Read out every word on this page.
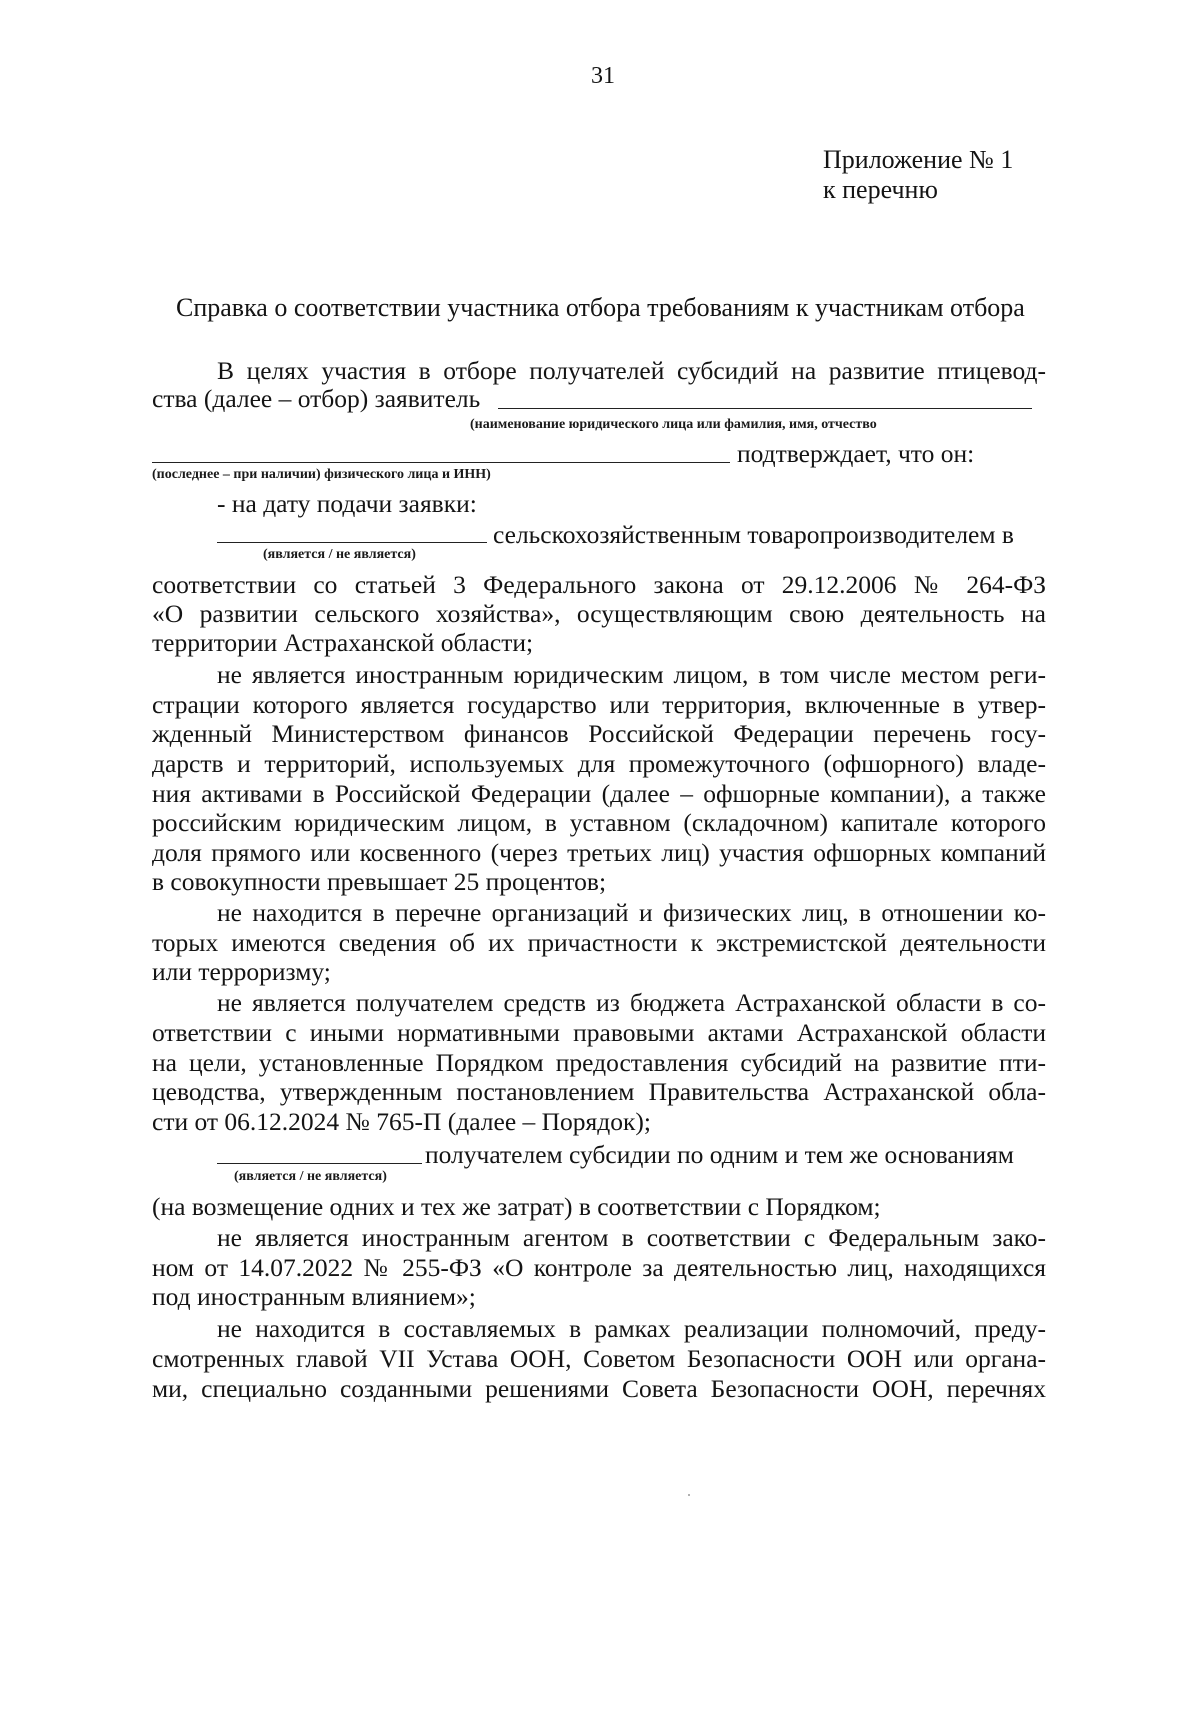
31
Приложение № 1
к перечню
Справка о соответствии участника отбора требованиям к участникам отбора
В целях участия в отборе получателей субсидий на развитие птицевод-
ства (далее – отбор) заявитель
(наименование юридического лица или фамилия, имя, отчество
подтверждает, что он:
(последнее – при наличии) физического лица и ИНН)
- на дату подачи заявки:
сельскохозяйственным товаропроизводителем в
(является / не является)
соответствии со статьей 3 Федерального закона от 29.12.2006 № 264-ФЗ
«О развитии сельского хозяйства», осуществляющим свою деятельность на
территории Астраханской области;
не является иностранным юридическим лицом, в том числе местом реги-
страции которого является государство или территория, включенные в утвер-
жденный Министерством финансов Российской Федерации перечень госу-
дарств и территорий, используемых для промежуточного (офшорного) владе-
ния активами в Российской Федерации (далее – офшорные компании), а также
российским юридическим лицом, в уставном (складочном) капитале которого
доля прямого или косвенного (через третьих лиц) участия офшорных компаний
в совокупности превышает 25 процентов;
не находится в перечне организаций и физических лиц, в отношении ко-
торых имеются сведения об их причастности к экстремистской деятельности
или терроризму;
не является получателем средств из бюджета Астраханской области в со-
ответствии с иными нормативными правовыми актами Астраханской области
на цели, установленные Порядком предоставления субсидий на развитие пти-
цеводства, утвержденным постановлением Правительства Астраханской обла-
сти от 06.12.2024 № 765-П (далее – Порядок);
получателем субсидии по одним и тем же основаниям
(является / не является)
(на возмещение одних и тех же затрат) в соответствии с Порядком;
не является иностранным агентом в соответствии с Федеральным зако-
ном от 14.07.2022 № 255-ФЗ «О контроле за деятельностью лиц, находящихся
под иностранным влиянием»;
не находится в составляемых в рамках реализации полномочий, преду-
смотренных главой VII Устава ООН, Советом Безопасности ООН или органа-
ми, специально созданными решениями Совета Безопасности ООН, перечнях
